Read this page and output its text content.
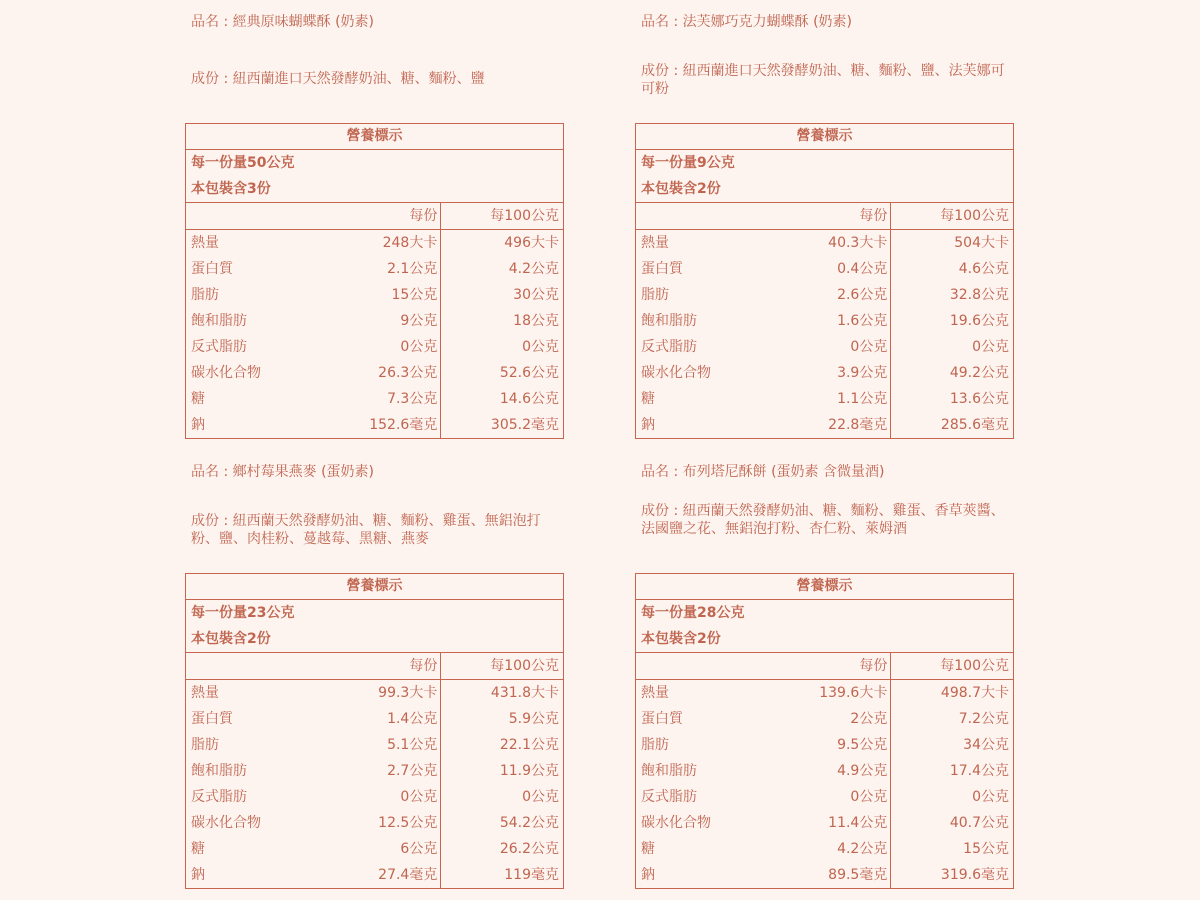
品名 : 經典原味蝴蝶酥 (奶素)
成份 : 紐西蘭進口天然發酵奶油、糖、麵粉、鹽
營養標示
每一份量50公克
本包裝含3份
每份	每100公克
熱量	248大卡	496大卡
蛋白質	2.1公克	4.2公克
脂肪	15公克	30公克
飽和脂肪	9公克	18公克
反式脂肪	0公克	0公克
碳水化合物	26.3公克	52.6公克
糖	7.3公克	14.6公克
鈉	152.6毫克	305.2毫克
品名 : 法芙娜巧克力蝴蝶酥 (奶素)
成份 : 紐西蘭進口天然發酵奶油、糖、麵粉、鹽、法芙娜可可粉
營養標示
每一份量9公克
本包裝含2份
每份	每100公克
熱量	40.3大卡	504大卡
蛋白質	0.4公克	4.6公克
脂肪	2.6公克	32.8公克
飽和脂肪	1.6公克	19.6公克
反式脂肪	0公克	0公克
碳水化合物	3.9公克	49.2公克
糖	1.1公克	13.6公克
鈉	22.8毫克	285.6毫克
品名 : 鄉村莓果燕麥 (蛋奶素)
成份 : 紐西蘭天然發酵奶油、糖、麵粉、雞蛋、無鋁泡打粉、鹽、肉桂粉、蔓越莓、黑糖、燕麥
營養標示
每一份量23公克
本包裝含2份
每份	每100公克
熱量	99.3大卡	431.8大卡
蛋白質	1.4公克	5.9公克
脂肪	5.1公克	22.1公克
飽和脂肪	2.7公克	11.9公克
反式脂肪	0公克	0公克
碳水化合物	12.5公克	54.2公克
糖	6公克	26.2公克
鈉	27.4毫克	119毫克
品名 : 布列塔尼酥餅 (蛋奶素 含微量酒)
成份 : 紐西蘭天然發酵奶油、糖、麵粉、雞蛋、香草莢醬、法國鹽之花、無鋁泡打粉、杏仁粉、萊姆酒
營養標示
每一份量28公克
本包裝含2份
每份	每100公克
熱量	139.6大卡	498.7大卡
蛋白質	2公克	7.2公克
脂肪	9.5公克	34公克
飽和脂肪	4.9公克	17.4公克
反式脂肪	0公克	0公克
碳水化合物	11.4公克	40.7公克
糖	4.2公克	15公克
鈉	89.5毫克	319.6毫克
